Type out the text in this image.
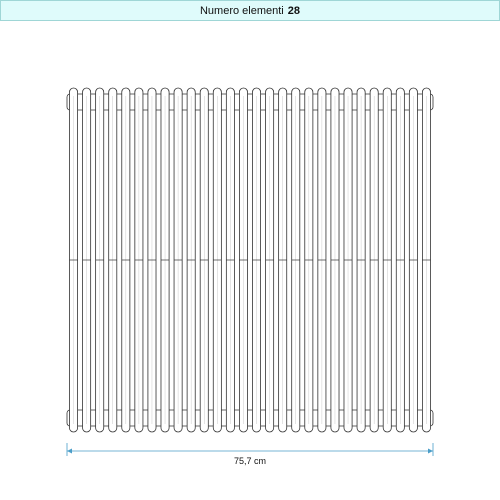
Numero elementi 28
75,7 cm
